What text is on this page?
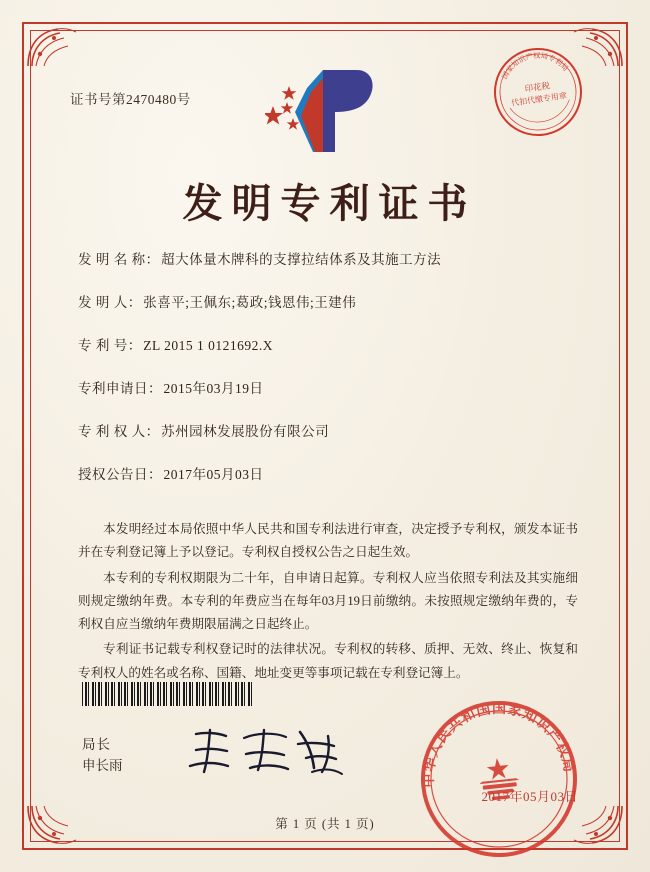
证书号第2470480号
国家知识产权局专利局
印花税
代扣代缴专用章
发明专利证书
发 明 名 称 ： 超大体量木牌科的支撑拉结体系及其施工方法
发 明 人 ： 张喜平;王佩东;葛政;钱恩伟;王建伟
专 利 号 ： ZL 2015 1 0121692.X
专利申请日 ： 2015年03月19日
专 利 权 人 ： 苏州园林发展股份有限公司
授权公告日 ： 2017年05月03日

本发明经过本局依照中华人民共和国专利法进行审查，决定授予专利权，颁发本证书并在专利登记簿上予以登记。专利权自授权公告之日起生效。

本专利的专利权期限为二十年，自申请日起算。专利权人应当依照专利法及其实施细则规定缴纳年费。本专利的年费应当在每年03月19日前缴纳。未按照规定缴纳年费的，专利权自应当缴纳年费期限届满之日起终止。

专利证书记载专利权登记时的法律状况。专利权的转移、质押、无效、终止、恢复和专利权人的姓名或名称、国籍、地址变更等事项记载在专利登记簿上。

局长
申长雨
中华人民共和国国家知识产权局
2017年05月03日
第 1 页 (共 1 页)
